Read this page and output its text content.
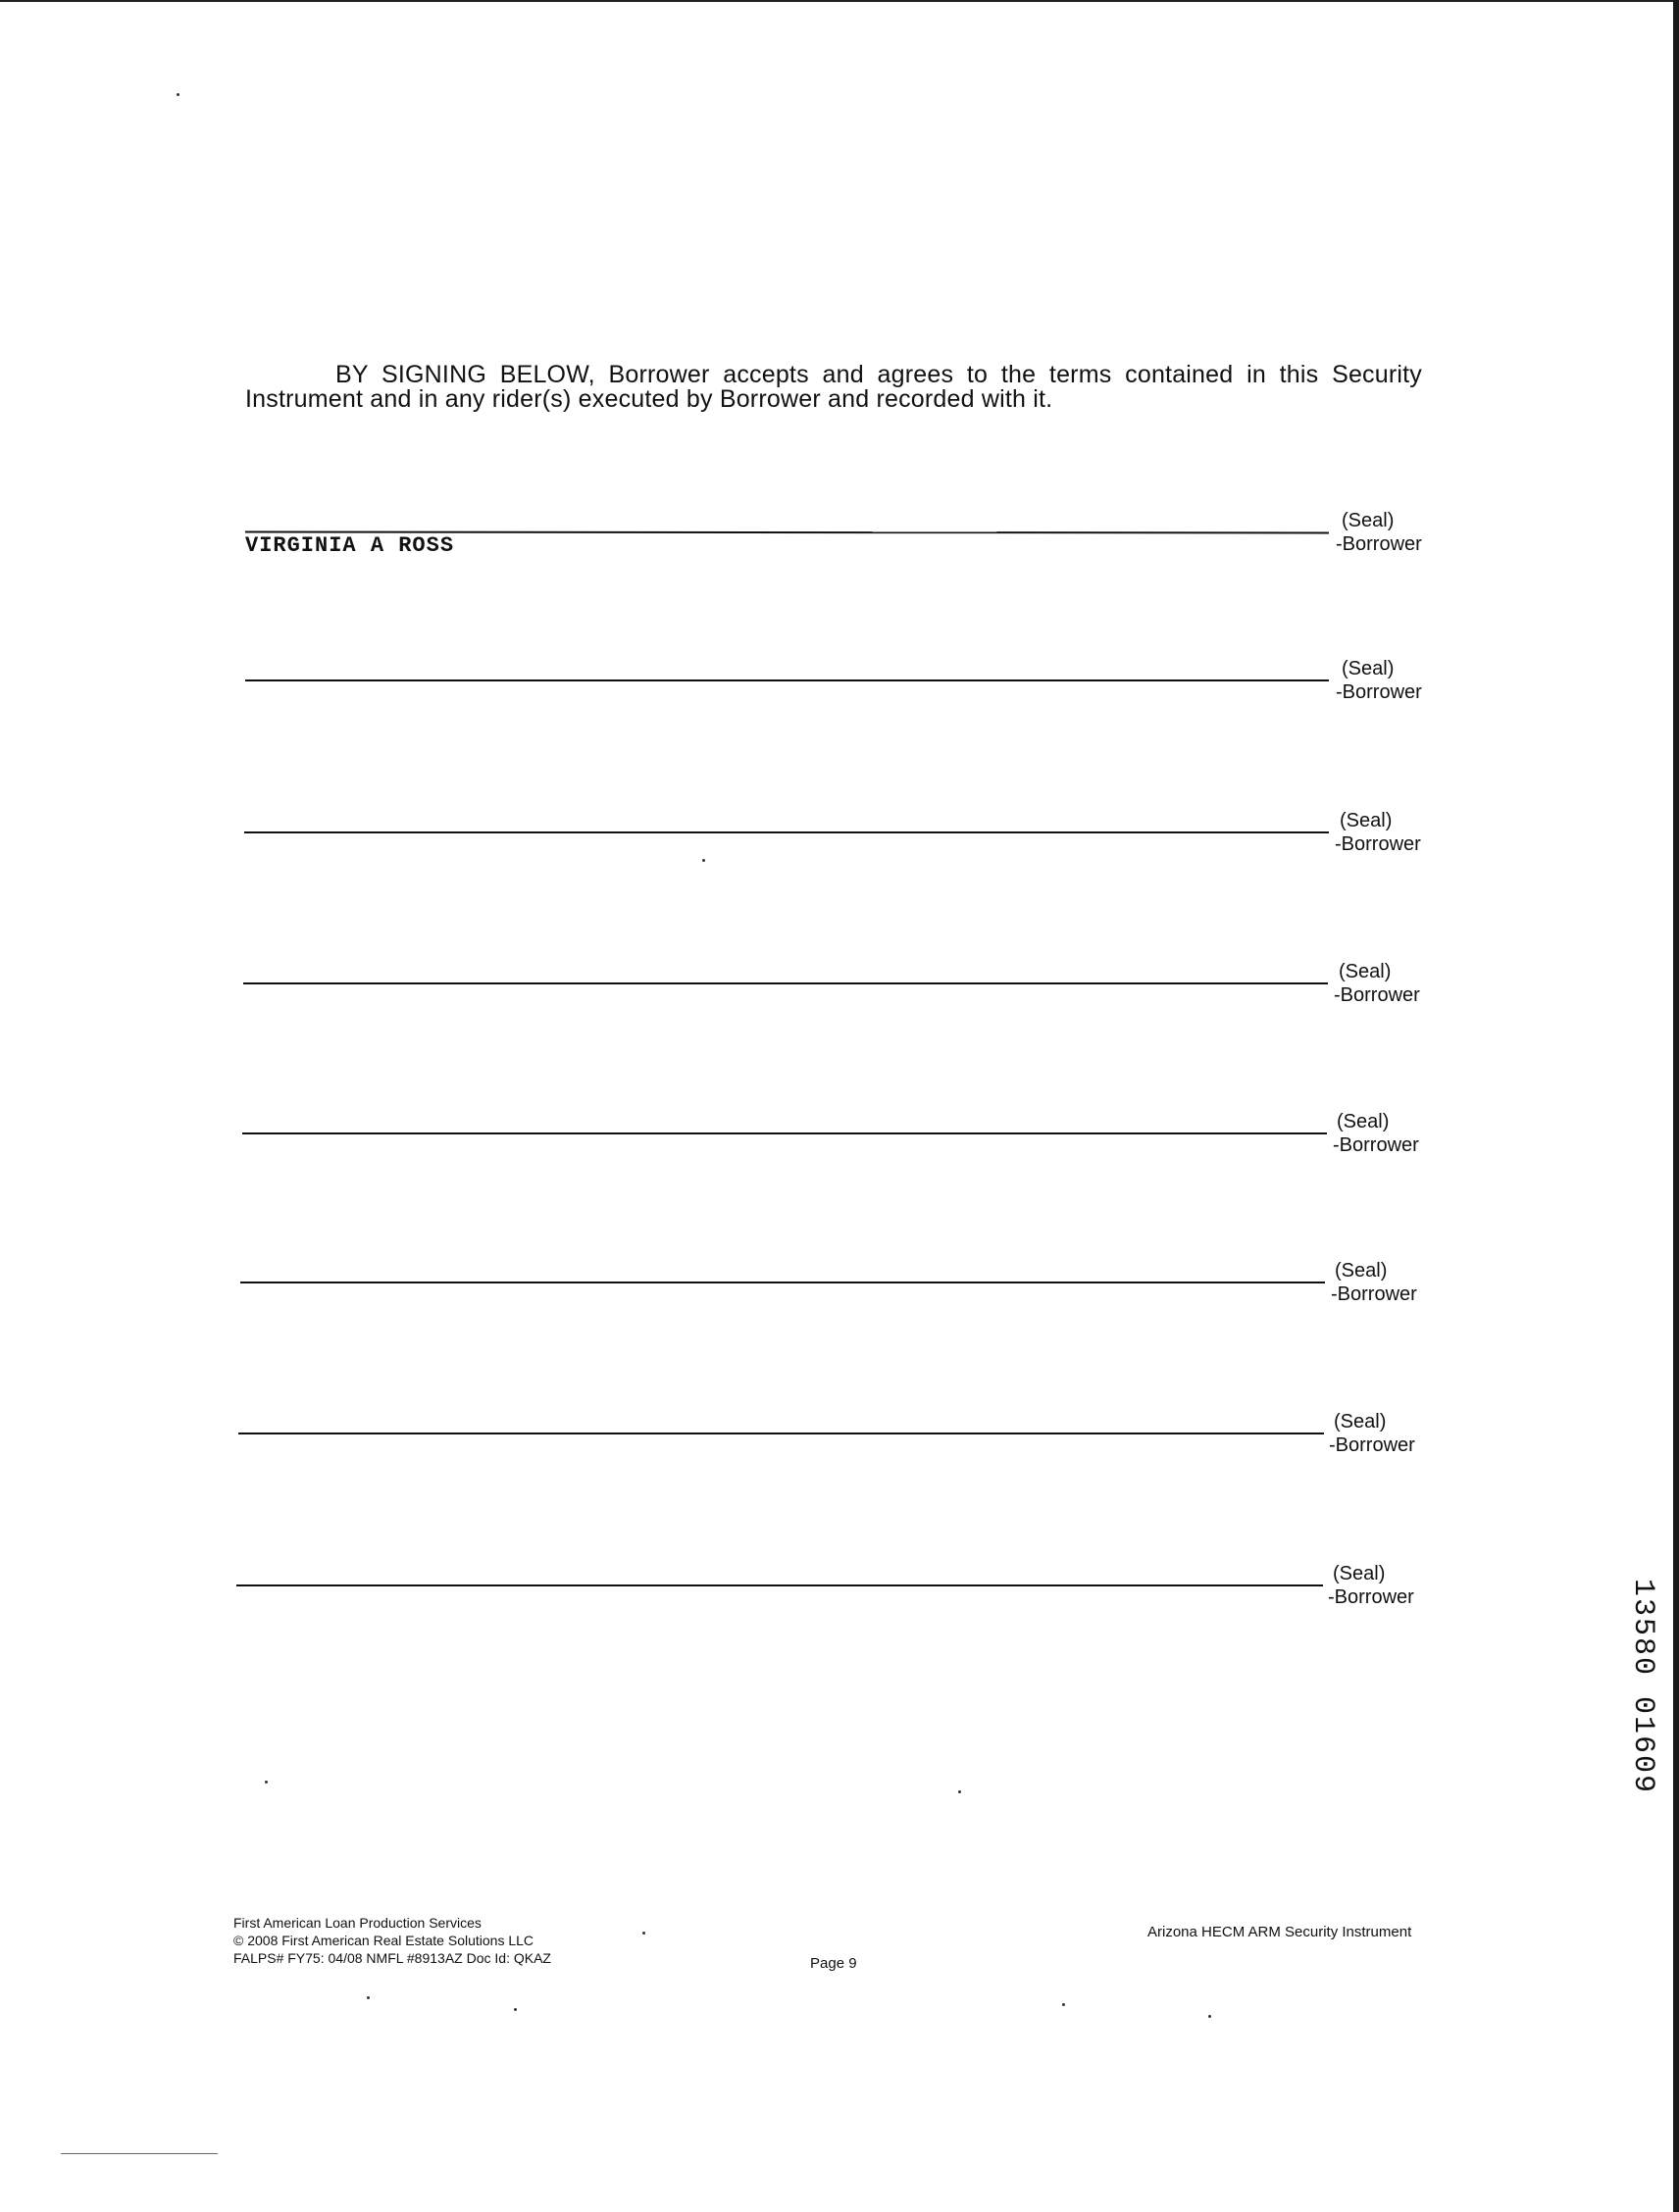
BY SIGNING BELOW, Borrower accepts and agrees to the terms contained in this Security Instrument and in any rider(s) executed by Borrower and recorded with it.
(Seal)
-Borrower
VIRGINIA A ROSS
(Seal)
-Borrower
(Seal)
-Borrower
(Seal)
-Borrower
(Seal)
-Borrower
(Seal)
-Borrower
(Seal)
-Borrower
(Seal)
-Borrower
First American Loan Production Services
© 2008 First American Real Estate Solutions LLC
FALPS# FY75: 04/08 NMFL #8913AZ Doc Id: QKAZ	Page 9
Arizona HECM ARM Security Instrument
13580 01609
